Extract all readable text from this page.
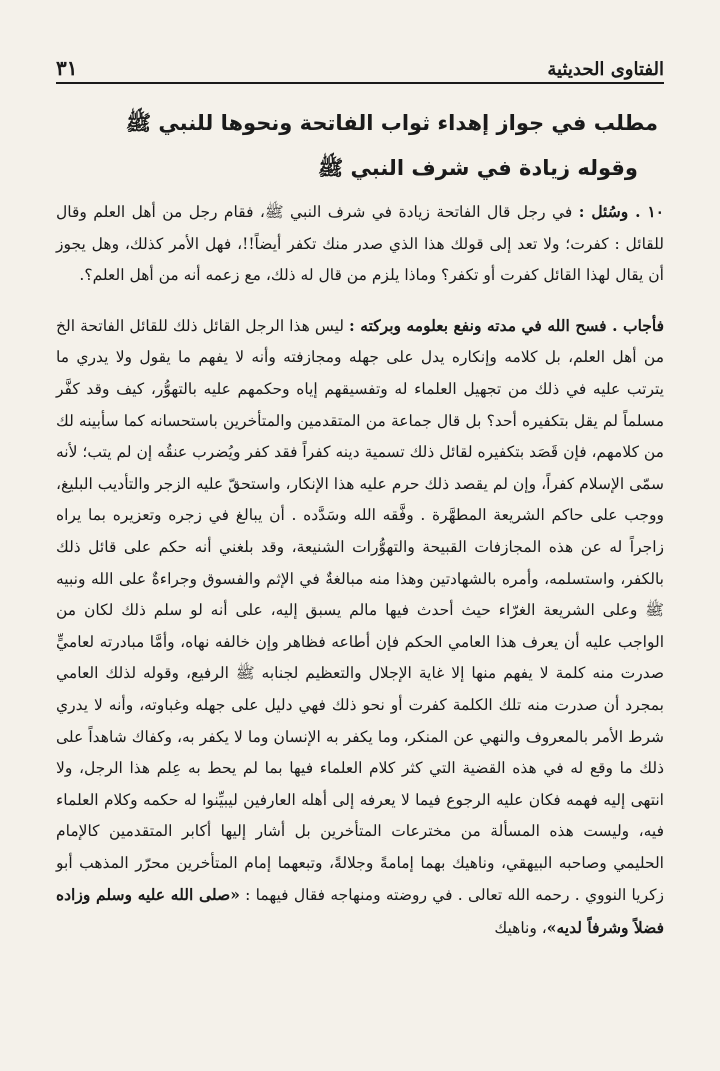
الفتاوى الحديثية
٣١
مطلب في جواز إهداء ثواب الفاتحة ونحوها للنبي ﷺ
وقوله زيادة في شرف النبي ﷺ

١٠ . وسُئل : في رجل قال الفاتحة زيادة في شرف النبي ﷺ، فقام رجل من أهل العلم وقال للقائل : كفرت؛ ولا تعد إلى قولك هذا الذي صدر منك تكفر أيضاً!!، فهل الأمر كذلك، وهل يجوز أن يقال لهذا القائل كفرت أو تكفر؟ وماذا يلزم من قال له ذلك، مع زعمه أنه من أهل العلم؟.

فأجاب . فسح الله في مدته ونفع بعلومه وبركته : ليس هذا الرجل القائل ذلك للقائل الفاتحة الخ من أهل العلم، بل كلامه وإنكاره يدل على جهله ومجازفته وأنه لا يفهم ما يقول ولا يدري ما يترتب عليه في ذلك من تجهيل العلماء له وتفسيقهم إياه وحكمهم عليه بالتهوُّر، كيف وقد كفَّر مسلماً لم يقل بتكفيره أحد؟ بل قال جماعة من المتقدمين والمتأخرين باستحسانه كما سأبينه لك من كلامهم، فإن قَصَد بتكفيره لقائل ذلك تسمية دينه كفراً فقد كفر ويُضرب عنقُه إن لم يتب؛ لأنه سمّى الإسلام كفراً، وإن لم يقصد ذلك حرم عليه هذا الإنكار، واستحقّ عليه الزجر والتأديب البليغ، ووجب على حاكم الشريعة المطهَّرة . وفَّقه الله وسَدَّده . أن يبالغ في زجره وتعزيره بما يراه زاجراً له عن هذه المجازفات القبيحة والتهوُّرات الشنيعة، وقد بلغني أنه حكم على قائل ذلك بالكفر، واستسلمه، وأمره بالشهادتين وهذا منه مبالغةٌ في الإثم والفسوق وجراءةٌ على الله ونبيه ﷺ وعلى الشريعة الغرّاء حيث أحدث فيها مالم يسبق إليه، على أنه لو سلم ذلك لكان من الواجب عليه أن يعرف هذا العامي الحكم فإن أطاعه فظاهر وإن خالفه نهاه، وأمَّا مبادرته لعاميٍّ صدرت منه كلمة لا يفهم منها إلا غاية الإجلال والتعظيم لجنابه ﷺ الرفيع، وقوله لذلك العامي بمجرد أن صدرت منه تلك الكلمة كفرت أو نحو ذلك فهي دليل على جهله وغباوته، وأنه لا يدري شرط الأمر بالمعروف والنهي عن المنكر، وما يكفر به الإنسان وما لا يكفر به، وكفاك شاهداً على ذلك ما وقع له في هذه القضية التي كثر كلام العلماء فيها بما لم يحط به عِلم هذا الرجل، ولا انتهى إليه فهمه فكان عليه الرجوع فيما لا يعرفه إلى أهله العارفين ليبيِّنوا له حكمه وكلام العلماء فيه، وليست هذه المسألة من مخترعات المتأخرين بل أشار إليها أكابر المتقدمين كالإمام الحليمي وصاحبه البيهقي، وناهيك بهما إمامةً وجلالةً، وتبعهما إمام المتأخرين محرّر المذهب أبو زكريا النووي . رحمه الله تعالى . في روضته ومنهاجه فقال فيهما : «صلى الله عليه وسلم وزاده فضلاً وشرفاً لديه»، وناهيك
